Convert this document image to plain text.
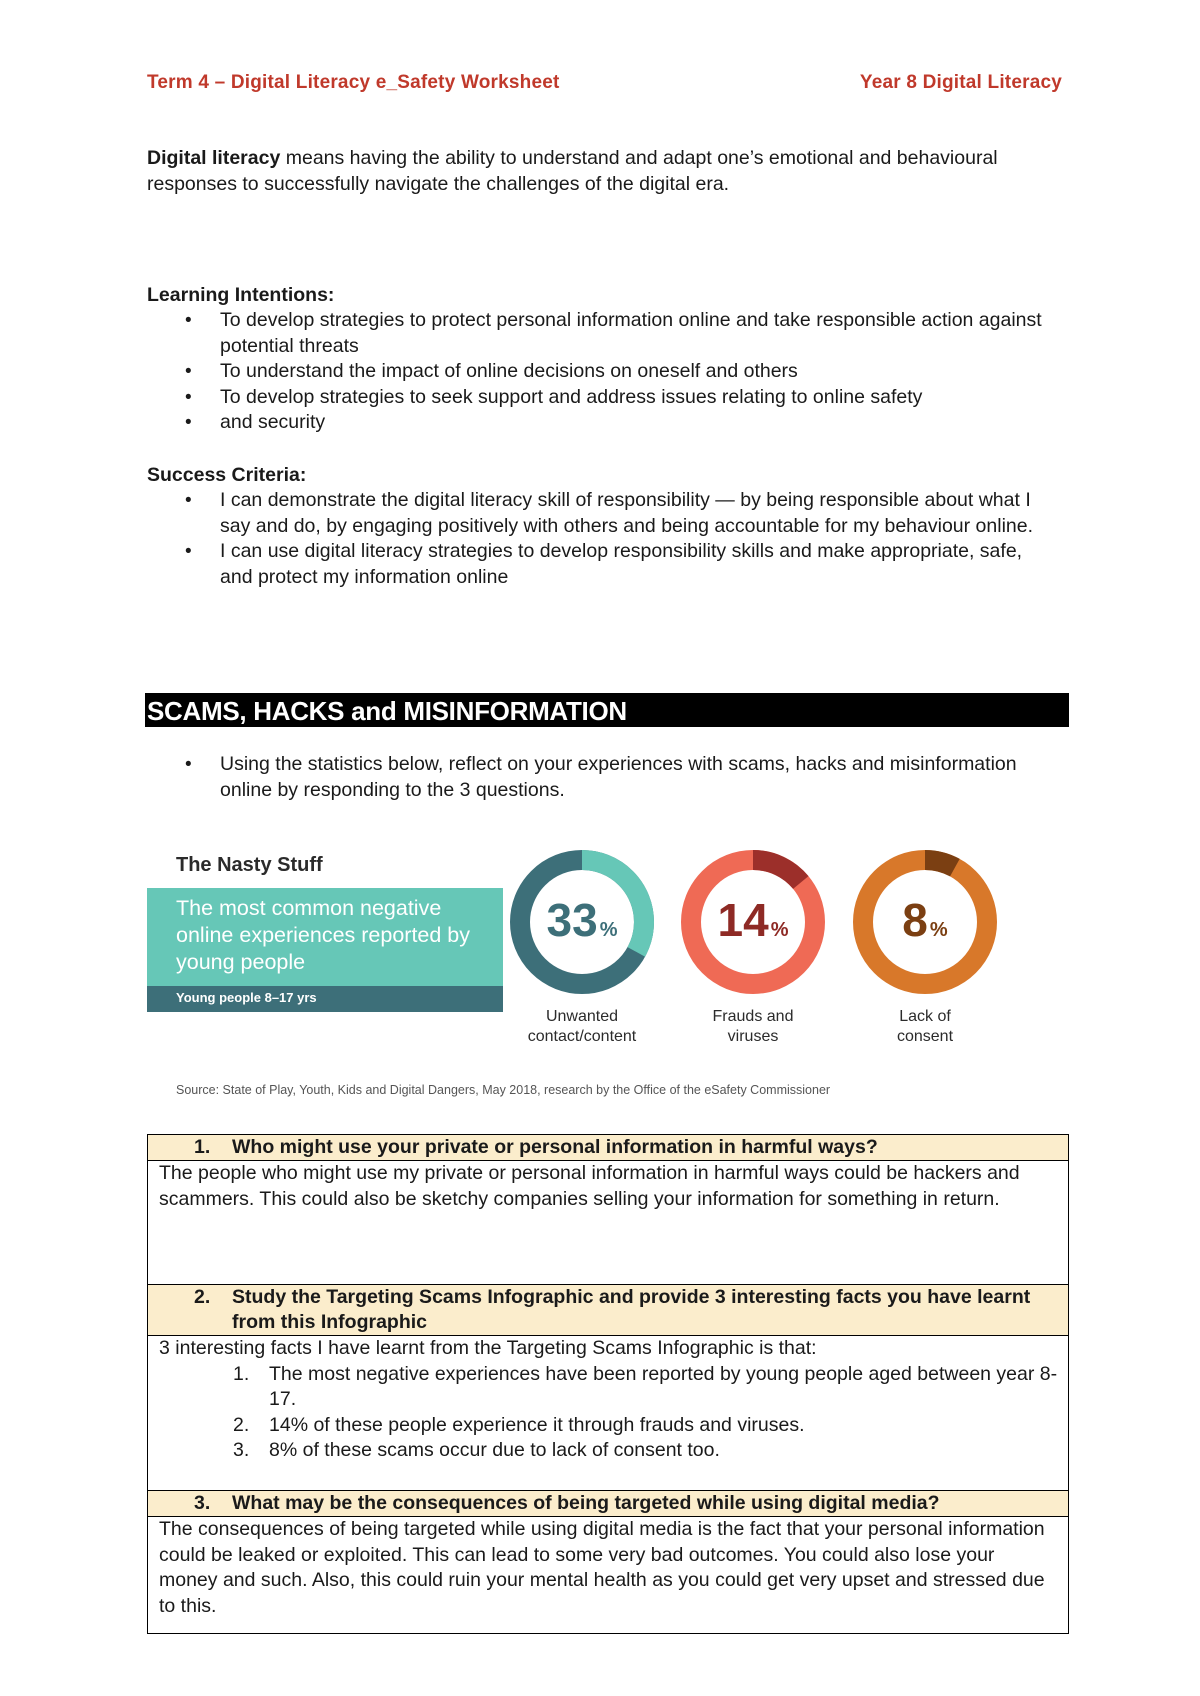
Term 4 – Digital Literacy e_Safety Worksheet	Year 8 Digital Literacy
Digital literacy means having the ability to understand and adapt one’s emotional and behavioural responses to successfully navigate the challenges of the digital era.

Learning Intentions:

• To develop strategies to protect personal information online and take responsible action against potential threats
• To understand the impact of online decisions on oneself and others
• To develop strategies to seek support and address issues relating to online safety
• and security

Success Criteria:

• I can demonstrate the digital literacy skill of responsibility — by being responsible about what I say and do, by engaging positively with others and being accountable for my behaviour online.
• I can use digital literacy strategies to develop responsibility skills and make appropriate, safe, and protect my information online
SCAMS, HACKS and MISINFORMATION
• Using the statistics below, reflect on your experiences with scams, hacks and misinformation online by responding to the 3 questions.
The Nasty Stuff
The most common negative online experiences reported by young people
Young people 8–17 yrs
33 %
Unwanted
contact/content
14 %
Frauds and
viruses
8 %
Lack of
consent
Source: State of Play, Youth, Kids and Digital Dangers, May 2018, research by the Office of the eSafety Commissioner
1.	Who might use your private or personal information in harmful ways?
The people who might use my private or personal information in harmful ways could be hackers and scammers. This could also be sketchy companies selling your information for something in return.
2.	Study the Targeting Scams Infographic and provide 3 interesting facts you have learnt from this Infographic
3 interesting facts I have learnt from the Targeting Scams Infographic is that:
1. The most negative experiences have been reported by young people aged between year 8-17.
2. 14% of these people experience it through frauds and viruses.
3. 8% of these scams occur due to lack of consent too.
3.	What may be the consequences of being targeted while using digital media?
The consequences of being targeted while using digital media is the fact that your personal information could be leaked or exploited. This can lead to some very bad outcomes. You could also lose your money and such. Also, this could ruin your mental health as you could get very upset and stressed due to this.
